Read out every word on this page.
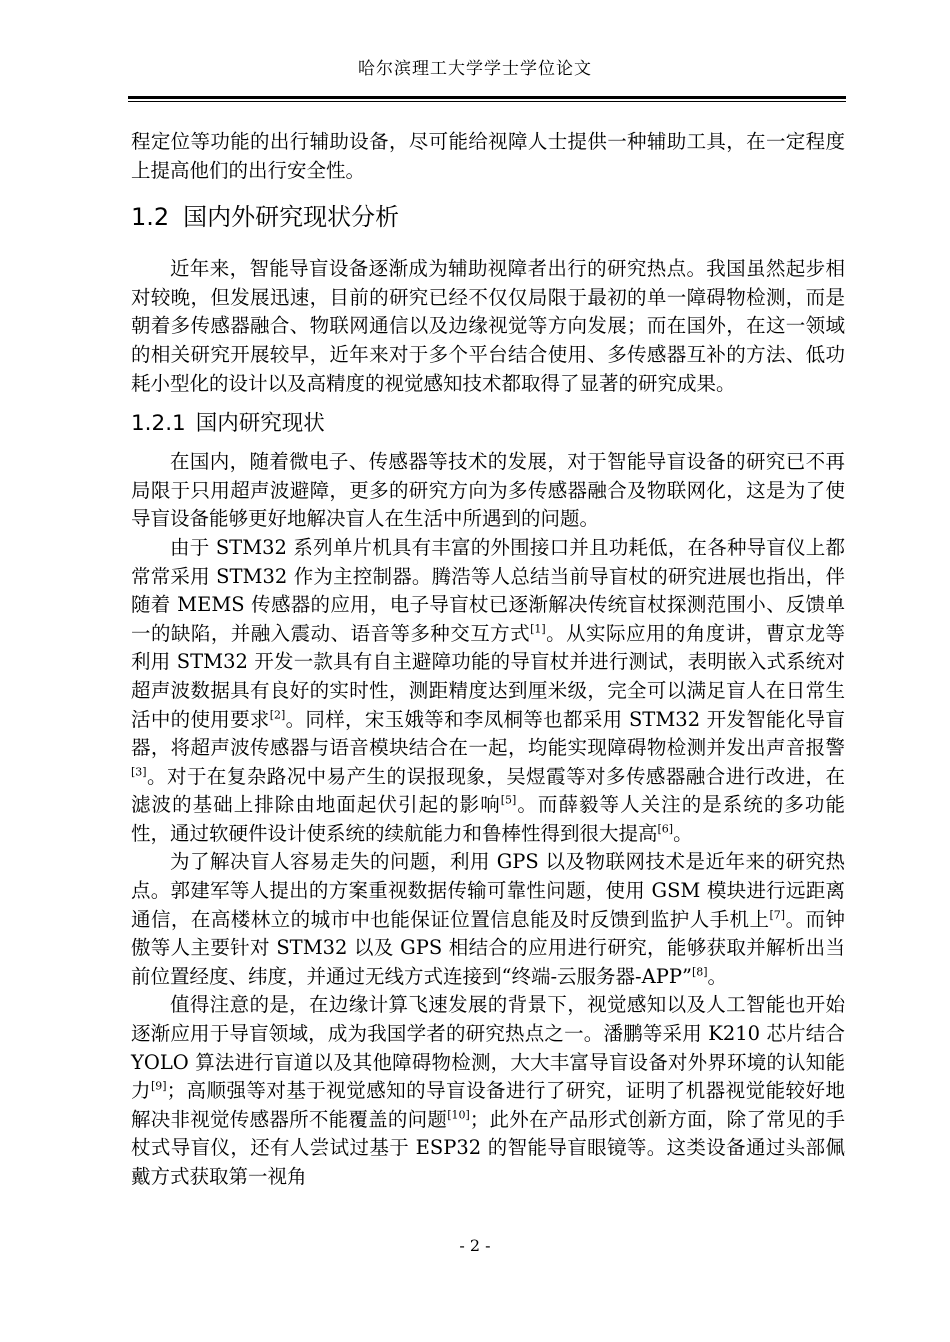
哈尔滨理工大学学士学位论文

程定位等功能的出行辅助设备，尽可能给视障人士提供一种辅助工具，在一定程度上提高他们的出行安全性。

1.2 国内外研究现状分析

近年来，智能导盲设备逐渐成为辅助视障者出行的研究热点。我国虽然起步相对较晚，但发展迅速，目前的研究已经不仅仅局限于最初的单一障碍物检测，而是朝着多传感器融合、物联网通信以及边缘视觉等方向发展；而在国外，在这一领域的相关研究开展较早，近年来对于多个平台结合使用、多传感器互补的方法、低功耗小型化的设计以及高精度的视觉感知技术都取得了显著的研究成果。

1.2.1 国内研究现状

在国内，随着微电子、传感器等技术的发展，对于智能导盲设备的研究已不再局限于只用超声波避障，更多的研究方向为多传感器融合及物联网化，这是为了使导盲设备能够更好地解决盲人在生活中所遇到的问题。

由于 STM32 系列单片机具有丰富的外围接口并且功耗低，在各种导盲仪上都常常采用 STM32 作为主控制器。腾浩等人总结当前导盲杖的研究进展也指出，伴随着 MEMS 传感器的应用，电子导盲杖已逐渐解决传统盲杖探测范围小、反馈单一的缺陷，并融入震动、语音等多种交互方式[1]。从实际应用的角度讲，曹京龙等利用 STM32 开发一款具有自主避障功能的导盲杖并进行测试，表明嵌入式系统对超声波数据具有良好的实时性，测距精度达到厘米级，完全可以满足盲人在日常生活中的使用要求[2]。同样，宋玉娥等和李凤桐等也都采用 STM32 开发智能化导盲器，将超声波传感器与语音模块结合在一起，均能实现障碍物检测并发出声音报警[3]。对于在复杂路况中易产生的误报现象，吴煜霞等对多传感器融合进行改进，在滤波的基础上排除由地面起伏引起的影响[5]。而薛毅等人关注的是系统的多功能性，通过软硬件设计使系统的续航能力和鲁棒性得到很大提高[6]。

为了解决盲人容易走失的问题，利用 GPS 以及物联网技术是近年来的研究热点。郭建军等人提出的方案重视数据传输可靠性问题，使用 GSM 模块进行远距离通信，在高楼林立的城市中也能保证位置信息能及时反馈到监护人手机上[7]。而钟傲等人主要针对 STM32 以及 GPS 相结合的应用进行研究，能够获取并解析出当前位置经度、纬度，并通过无线方式连接到“终端-云服务器-APP”[8]。

值得注意的是，在边缘计算飞速发展的背景下，视觉感知以及人工智能也开始逐渐应用于导盲领域，成为我国学者的研究热点之一。潘鹏等采用 K210 芯片结合 YOLO 算法进行盲道以及其他障碍物检测，大大丰富导盲设备对外界环境的认知能力[9]；高顺强等对基于视觉感知的导盲设备进行了研究，证明了机器视觉能较好地解决非视觉传感器所不能覆盖的问题[10]；此外在产品形式创新方面，除了常见的手杖式导盲仪，还有人尝试过基于 ESP32 的智能导盲眼镜等。这类设备通过头部佩戴方式获取第一视角

- 2 -
